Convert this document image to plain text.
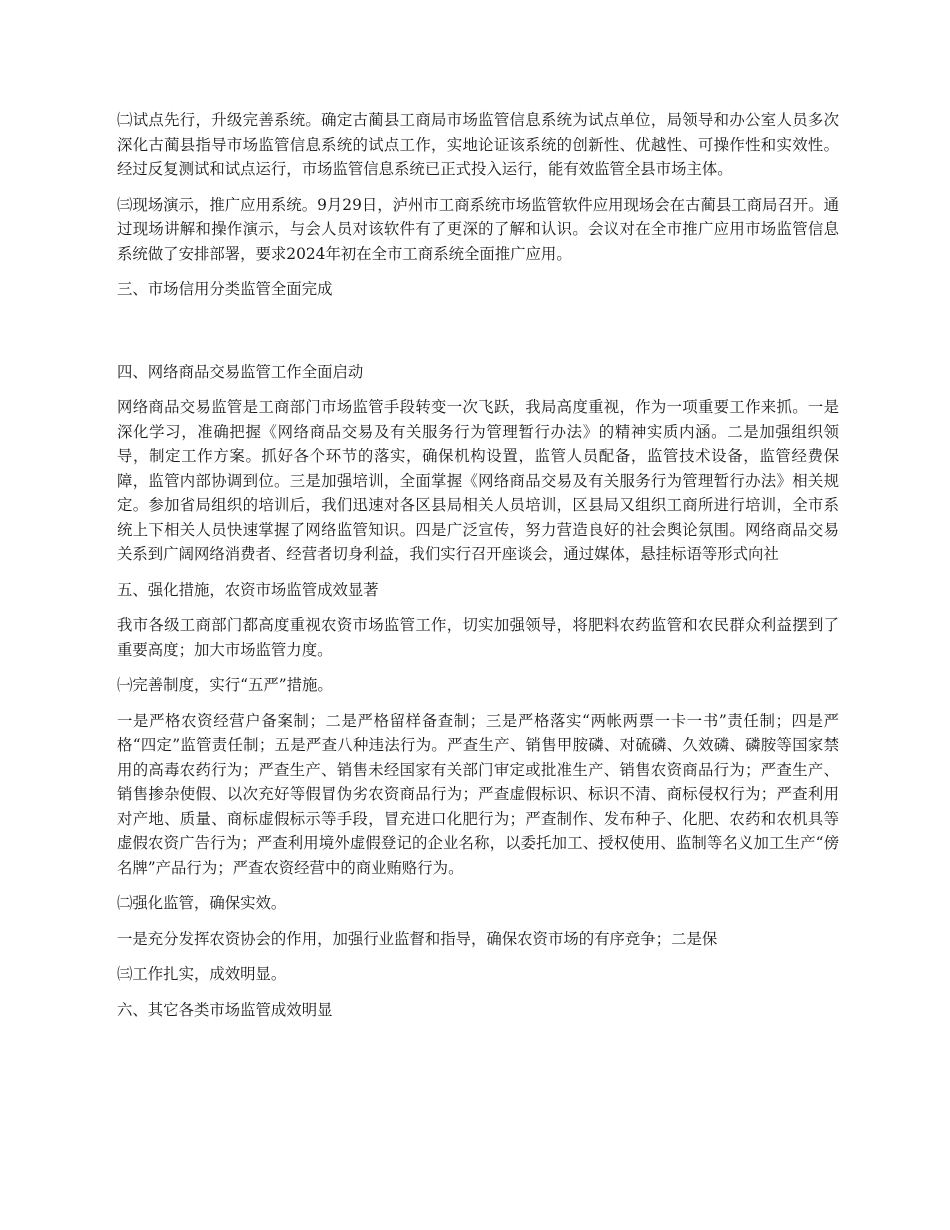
㈡试点先行，升级完善系统。确定古蔺县工商局市场监管信息系统为试点单位，局领导和办公室人员多次深化古蔺县指导市场监管信息系统的试点工作，实地论证该系统的创新性、优越性、可操作性和实效性。经过反复测试和试点运行，市场监管信息系统已正式投入运行，能有效监管全县市场主体。

㈢现场演示，推广应用系统。9月29日，泸州市工商系统市场监管软件应用现场会在古蔺县工商局召开。通过现场讲解和操作演示，与会人员对该软件有了更深的了解和认识。会议对在全市推广应用市场监管信息系统做了安排部署，要求2024年初在全市工商系统全面推广应用。

三、市场信用分类监管全面完成

四、网络商品交易监管工作全面启动

网络商品交易监管是工商部门市场监管手段转变一次飞跃，我局高度重视，作为一项重要工作来抓。一是深化学习，准确把握《网络商品交易及有关服务行为管理暂行办法》的精神实质内涵。二是加强组织领导，制定工作方案。抓好各个环节的落实，确保机构设置，监管人员配备，监管技术设备，监管经费保障，监管内部协调到位。三是加强培训，全面掌握《网络商品交易及有关服务行为管理暂行办法》相关规定。参加省局组织的培训后，我们迅速对各区县局相关人员培训，区县局又组织工商所进行培训，全市系统上下相关人员快速掌握了网络监管知识。四是广泛宣传，努力营造良好的社会舆论氛围。网络商品交易关系到广阔网络消费者、经营者切身利益，我们实行召开座谈会，通过媒体，悬挂标语等形式向社

五、强化措施，农资市场监管成效显著

我市各级工商部门都高度重视农资市场监管工作，切实加强领导，将肥料农药监管和农民群众利益摆到了重要高度；加大市场监管力度。

㈠完善制度，实行“五严”措施。

一是严格农资经营户备案制；二是严格留样备查制；三是严格落实“两帐两票一卡一书”责任制；四是严格“四定”监管责任制；五是严查八种违法行为。严查生产、销售甲胺磷、对硫磷、久效磷、磷胺等国家禁用的高毒农药行为；严查生产、销售未经国家有关部门审定或批准生产、销售农资商品行为；严查生产、销售掺杂使假、以次充好等假冒伪劣农资商品行为；严查虚假标识、标识不清、商标侵权行为；严查利用对产地、质量、商标虚假标示等手段，冒充进口化肥行为；严查制作、发布种子、化肥、农药和农机具等虚假农资广告行为；严查利用境外虚假登记的企业名称，以委托加工、授权使用、监制等名义加工生产“傍名牌”产品行为；严查农资经营中的商业贿赂行为。

㈡强化监管，确保实效。

一是充分发挥农资协会的作用，加强行业监督和指导，确保农资市场的有序竞争；二是保

㈢工作扎实，成效明显。

六、其它各类市场监管成效明显
